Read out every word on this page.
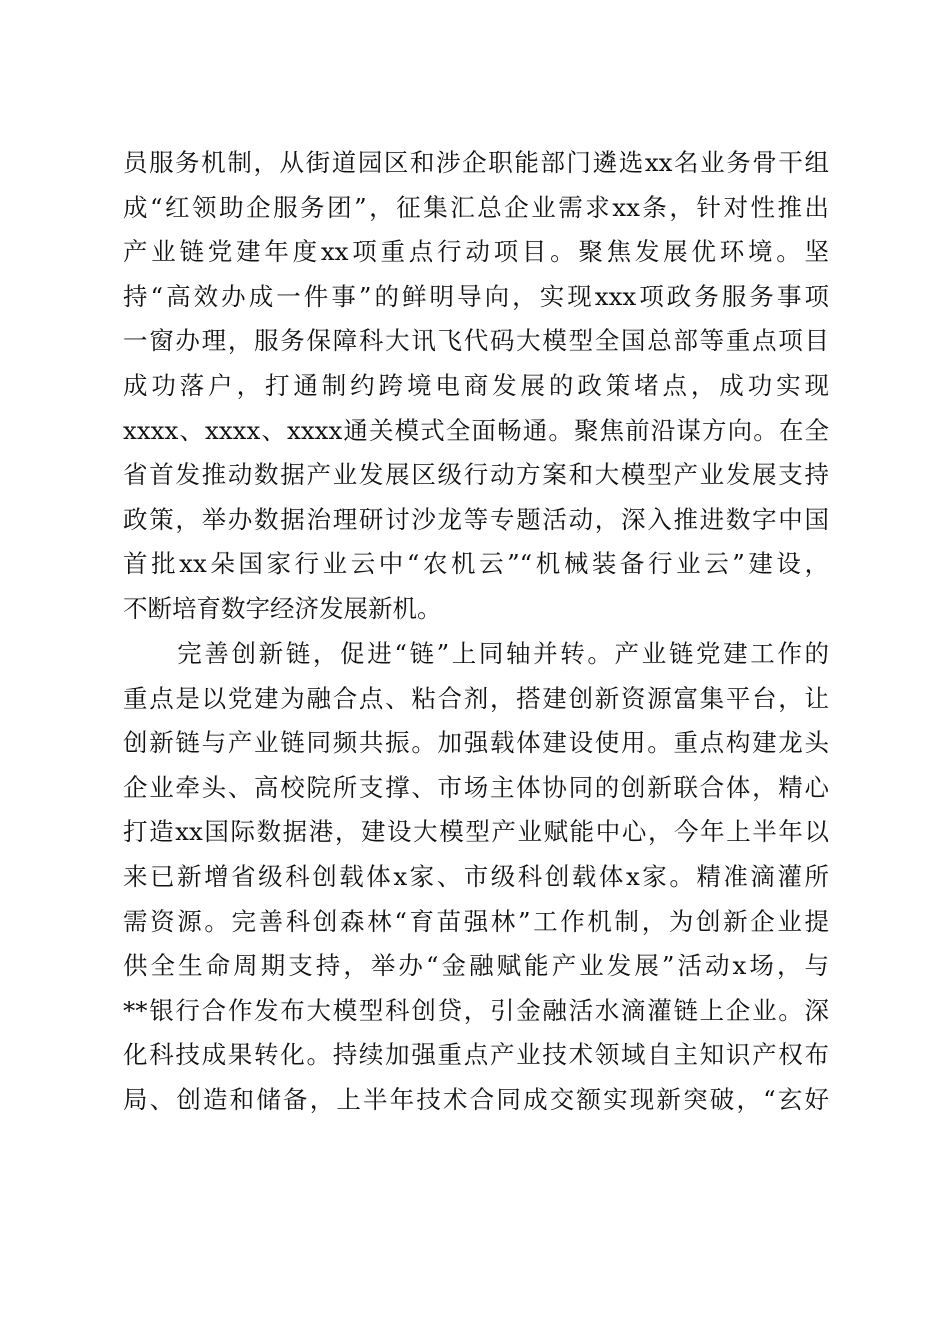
员服务机制，从街道园区和涉企职能部门遴选xx名业务骨干组
成“红领助企服务团”，征集汇总企业需求xx条，针对性推出
产业链党建年度xx项重点行动项目。聚焦发展优环境。坚
持“高效办成一件事”的鲜明导向，实现xxx项政务服务事项
一窗办理，服务保障科大讯飞代码大模型全国总部等重点项目
成功落户，打通制约跨境电商发展的政策堵点，成功实现
xxxx、xxxx、xxxx通关模式全面畅通。聚焦前沿谋方向。在全
省首发推动数据产业发展区级行动方案和大模型产业发展支持
政策，举办数据治理研讨沙龙等专题活动，深入推进数字中国
首批xx朵国家行业云中“农机云”“机械装备行业云”建设，
不断培育数字经济发展新机。
　　完善创新链，促进“链”上同轴并转。产业链党建工作的
重点是以党建为融合点、粘合剂，搭建创新资源富集平台，让
创新链与产业链同频共振。加强载体建设使用。重点构建龙头
企业牵头、高校院所支撑、市场主体协同的创新联合体，精心
打造xx国际数据港，建设大模型产业赋能中心，今年上半年以
来已新增省级科创载体x家、市级科创载体x家。精准滴灌所
需资源。完善科创森林“育苗强林”工作机制，为创新企业提
供全生命周期支持，举办“金融赋能产业发展”活动x场，与
**银行合作发布大模型科创贷，引金融活水滴灌链上企业。深
化科技成果转化。持续加强重点产业技术领域自主知识产权布
局、创造和储备，上半年技术合同成交额实现新突破，“玄好
